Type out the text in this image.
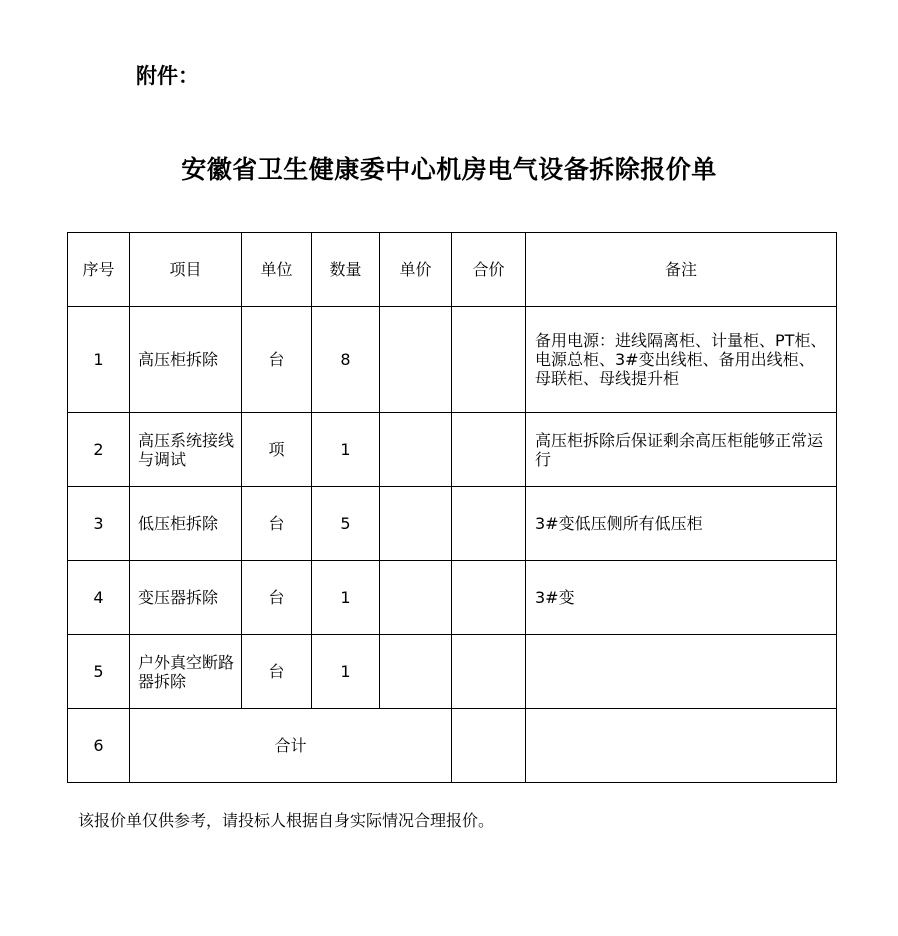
附件：
安徽省卫生健康委中心机房电气设备拆除报价单
序号	项目	单位	数量	单价	合价	备注
1	高压柜拆除	台	8			备用电源：进线隔离柜、计量柜、PT柜、电源总柜、3#变出线柜、备用出线柜、母联柜、母线提升柜
2	高压系统接线与调试	项	1			高压柜拆除后保证剩余高压柜能够正常运行
3	低压柜拆除	台	5			3#变低压侧所有低压柜
4	变压器拆除	台	1			3#变
5	户外真空断路器拆除	台	1			
6	合计					
该报价单仅供参考，请投标人根据自身实际情况合理报价。
